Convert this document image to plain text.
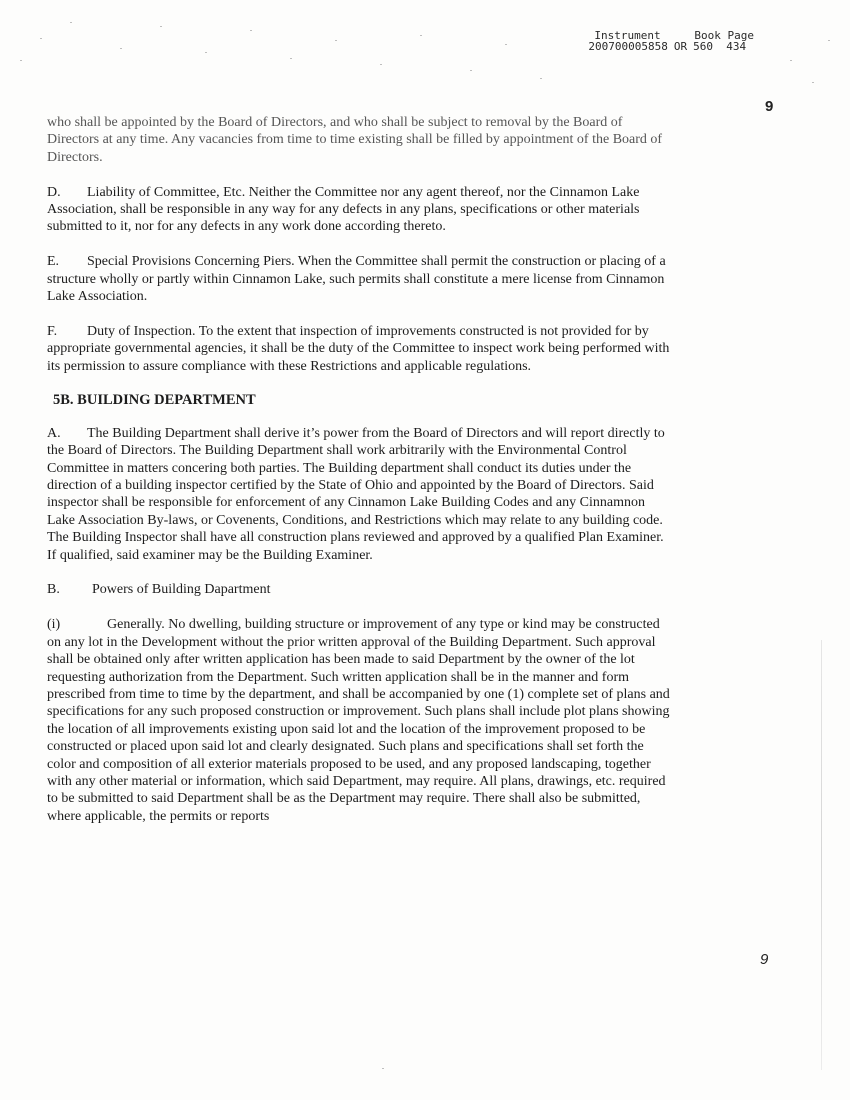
Instrument	Book Page
200700005858 OR 560  434
9

who shall be appointed by the Board of Directors, and who shall be subject to removal by the Board of Directors at any time. Any vacancies from time to time existing shall be filled by appointment of the Board of Directors.

D. Liability of Committee, Etc. Neither the Committee nor any agent thereof, nor the Cinnamon Lake Association, shall be responsible in any way for any defects in any plans, specifications or other materials submitted to it, nor for any defects in any work done according thereto.

E. Special Provisions Concerning Piers. When the Committee shall permit the construction or placing of a structure wholly or partly within Cinnamon Lake, such permits shall constitute a mere license from Cinnamon Lake Association.

F. Duty of Inspection. To the extent that inspection of improvements constructed is not provided for by appropriate governmental agencies, it shall be the duty of the Committee to inspect work being performed with its permission to assure compliance with these Restrictions and applicable regulations.

5B. BUILDING DEPARTMENT

A. The Building Department shall derive it’s power from the Board of Directors and will report directly to the Board of Directors. The Building Department shall work arbitrarily with the Environmental Control Committee in matters concering both parties. The Building department shall conduct its duties under the direction of a building inspector certified by the State of Ohio and appointed by the Board of Directors. Said inspector shall be responsible for enforcement of any Cinnamon Lake Building Codes and any Cinnamnon Lake Association By-laws, or Covenents, Conditions, and Restrictions which may relate to any building code. The Building Inspector shall have all construction plans reviewed and approved by a qualified Plan Examiner. If qualified, said examiner may be the Building Examiner.

B. Powers of Building Dapartment

(i)	Generally. No dwelling, building structure or improvement of any type or kind may be constructed on any lot in the Development without the prior written approval of the Building Department. Such approval shall be obtained only after written application has been made to said Department by the owner of the lot requesting authorization from the Department. Such written application shall be in the manner and form prescribed from time to time by the department, and shall be accompanied by one (1) complete set of plans and specifications for any such proposed construction or improvement. Such plans shall include plot plans showing the location of all improvements existing upon said lot and the location of the improvement proposed to be constructed or placed upon said lot and clearly designated. Such plans and specifications shall set forth the color and composition of all exterior materials proposed to be used, and any proposed landscaping, together with any other material or information, which said Department, may require. All plans, drawings, etc. required to be submitted to said Department shall be as the Department may require. There shall also be submitted, where applicable, the permits or reports

9
